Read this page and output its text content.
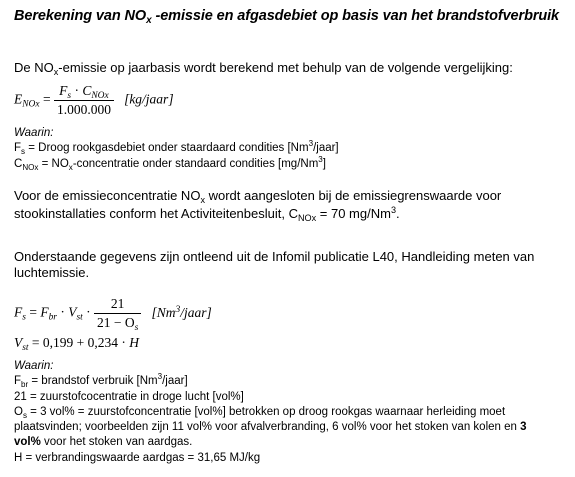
Berekening van $NO_x$ -emissie en afgasdebiet op basis van het brandstofverbruik
De $NO_x$-emissie op jaarbasis wordt berekend met behulp van de volgende vergelijking:
$E_{NOx} = \frac{F_s \cdot C_{NOx}}{1.000.000}$ [kg/jaar]
Waarin:
$F_s$ = Droog rookgasdebiet onder staardaard condities [Nm$^3$/jaar]
$C_{NOx}$ = $NO_x$-concentratie onder standaard condities [mg/Nm$^3$]
Voor de emissieconcentratie $NO_x$ wordt aangesloten bij de emissiegrenswaarde voor
stookinstallaties conform het Activiteitenbesluit, $C_{NOx} = 70$ mg/Nm$^3$.
Onderstaande gegevens zijn ontleend uit de Infomil publicatie L40, Handleiding meten van
luchtemissie.
$F_s = F_{br} \cdot V_{st} \cdot \frac{21}{21 - O_s}$ [Nm$^3$/jaar]
$V_{st} = 0,199 + 0,234 \cdot H$
Waarin:
$F_{br}$ = brandstof verbruik [Nm$^3$/jaar]
21 = zuurstofcocentratie in droge lucht [vol%]
$O_s = 3$ vol% = zuurstofconcentratie [vol%] betrokken op droog rookgas waarnaar herleiding moet
plaatsvinden; voorbeelden zijn 11 vol% voor afvalverbranding, 6 vol% voor het stoken van kolen en 3
vol% voor het stoken van aardgas.
H = verbrandingswaarde aardgas = 31,65 MJ/kg
